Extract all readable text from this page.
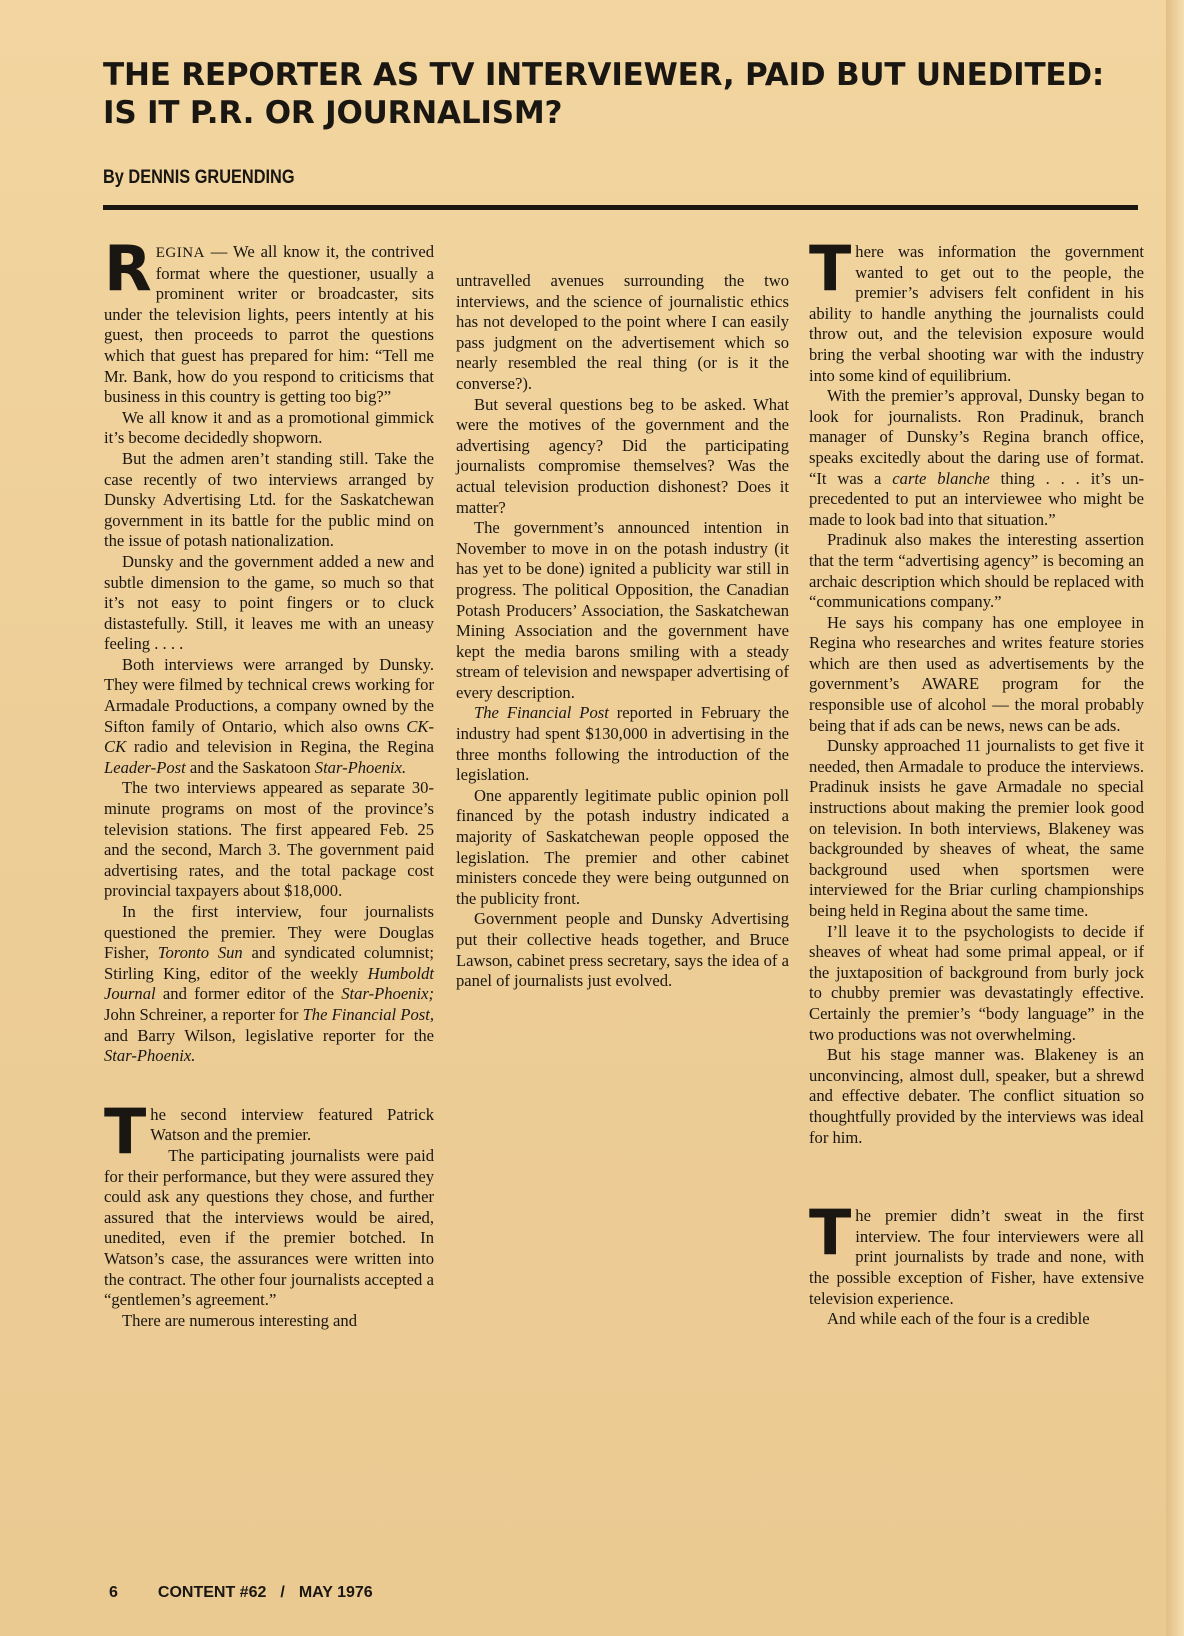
THE REPORTER AS TV INTERVIEWER, PAID BUT UNEDITED:
IS IT P.R. OR JOURNALISM?
By DENNIS GRUENDING

REGINA — We all know it, the contrived format where the questioner, usually a prominent writer or broadcaster, sits under the television lights, peers intently at his guest, then proceeds to parrot the questions which that guest has prepared for him: “Tell me Mr. Bank, how do you respond to criticisms that business in this country is getting too big?”

We all know it and as a promotional gimmick it’s become decidedly shopworn.

But the admen aren’t standing still. Take the case recently of two interviews arranged by Dunsky Advertising Ltd. for the Saskatchewan government in its battle for the public mind on the issue of potash nationalization.

Dunsky and the government added a new and subtle dimension to the game, so much so that it’s not easy to point fingers or to cluck distastefully. Still, it leaves me with an uneasy feeling . . . .

Both interviews were arranged by Dunsky. They were filmed by technical crews working for Armadale Productions, a company owned by the Sifton family of Ontario, which also owns CK-CK radio and television in Regina, the Regina Leader-Post and the Saskatoon Star-Phoenix.

The two interviews appeared as separate 30-minute programs on most of the province’s television stations. The first appeared Feb. 25 and the second, March 3. The government paid advertising rates, and the total package cost provincial taxpayers about $18,000.

In the first interview, four journalists questioned the premier. They were Douglas Fisher, Toronto Sun and syndicated columnist; Stirling King, editor of the weekly Humboldt Journal and former editor of the Star-Phoenix; John Schreiner, a reporter for The Financial Post, and Barry Wilson, legislative reporter for the Star-Phoenix.

The second interview featured Patrick Watson and the premier.

The participating journalists were paid for their performance, but they were assured they could ask any questions they chose, and further assured that the interviews would be aired, unedited, even if the premier botched. In Watson’s case, the assurances were written into the contract. The other four journalists accepted a “gentlemen’s agreement.”

There are numerous interesting and

untravelled avenues surrounding the two interviews, and the science of journalistic ethics has not developed to the point where I can easily pass judgment on the advertisement which so nearly resembled the real thing (or is it the converse?).

But several questions beg to be asked. What were the motives of the government and the advertising agency? Did the participating journalists compromise themselves? Was the actual television production dishonest? Does it matter?

The government’s announced intention in November to move in on the potash industry (it has yet to be done) ignited a publicity war still in progress. The political Opposition, the Canadian Potash Producers’ Association, the Saskatchewan Mining Association and the government have kept the media barons smiling with a steady stream of television and newspaper advertising of every description.

The Financial Post reported in February the industry had spent $130,000 in advertising in the three months following the introduction of the legislation.

One apparently legitimate public opinion poll financed by the potash industry indicated a majority of Saskatchewan people opposed the legislation. The premier and other cabinet ministers concede they were being outgunned on the publicity front.

Government people and Dunsky Advertising put their collective heads together, and Bruce Lawson, cabinet press secretary, says the idea of a panel of journalists just evolved.

There was information the government wanted to get out to the people, the premier’s advisers felt confident in his ability to handle anything the journalists could throw out, and the television exposure would bring the verbal shooting war with the industry into some kind of equilibrium.

With the premier’s approval, Dunsky began to look for journalists. Ron Pradinuk, branch manager of Dunsky’s Regina branch office, speaks excitedly about the daring use of format. “It was a carte blanche thing . . . it’s unprecedented to put an interviewee who might be made to look bad into that situation.”

Pradinuk also makes the interesting assertion that the term “advertising agency” is becoming an archaic description which should be replaced with “communications company.”

He says his company has one employee in Regina who researches and writes feature stories which are then used as advertisements by the government’s AWARE program for the responsible use of alcohol — the moral probably being that if ads can be news, news can be ads.

Dunsky approached 11 journalists to get five it needed, then Armadale to produce the interviews. Pradinuk insists he gave Armadale no special instructions about making the premier look good on television. In both interviews, Blakeney was backgrounded by sheaves of wheat, the same background used when sportsmen were interviewed for the Briar curling championships being held in Regina about the same time.

I’ll leave it to the psychologists to decide if sheaves of wheat had some primal appeal, or if the juxtaposition of background from burly jock to chubby premier was devastatingly effective. Certainly the premier’s “body language” in the two productions was not overwhelming.

But his stage manner was. Blakeney is an unconvincing, almost dull, speaker, but a shrewd and effective debater. The conflict situation so thoughtfully provided by the interviews was ideal for him.

The premier didn’t sweat in the first interview. The four interviewers were all print journalists by trade and none, with the possible exception of Fisher, have extensive television experience.

And while each of the four is a credible

6	CONTENT #62 / MAY 1976
